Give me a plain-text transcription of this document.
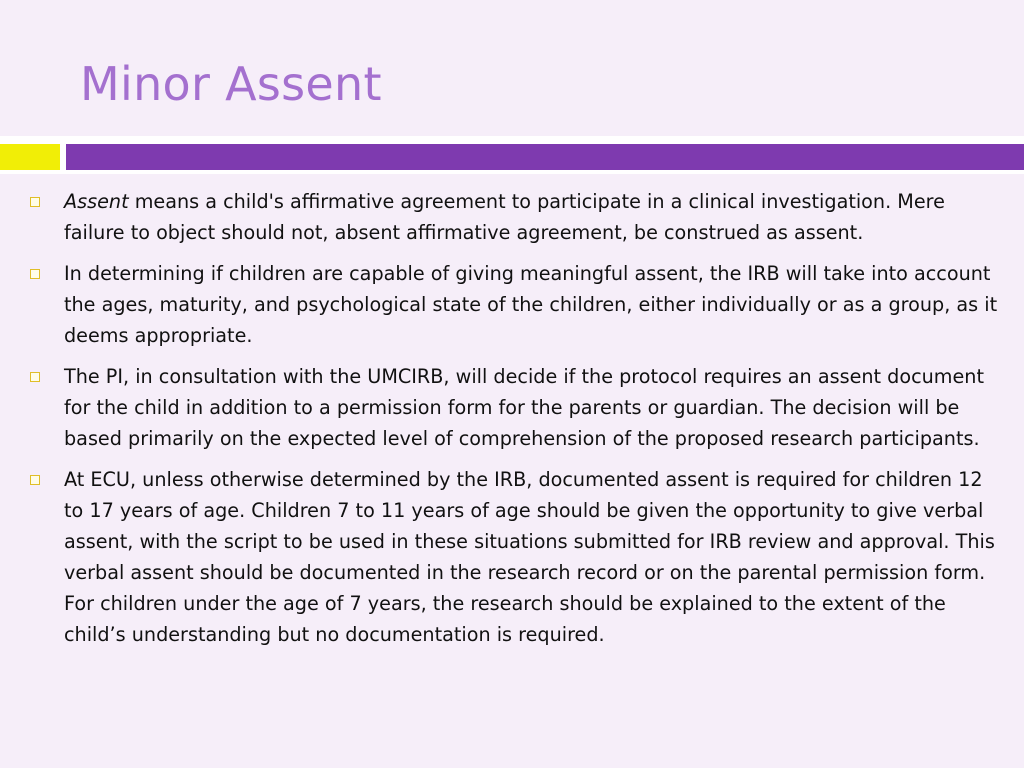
Minor Assent
Assent means a child's affirmative agreement to participate in a clinical investigation. Mere failure to object should not, absent affirmative agreement, be construed as assent.
In determining if children are capable of giving meaningful assent, the IRB will take into account the ages, maturity, and psychological state of the children, either individually or as a group, as it deems appropriate.
The PI, in consultation with the UMCIRB, will decide if the protocol requires an assent document for the child in addition to a permission form for the parents or guardian. The decision will be based primarily on the expected level of comprehension of the proposed research participants.
At ECU, unless otherwise determined by the IRB, documented assent is required for children 12 to 17 years of age. Children 7 to 11 years of age should be given the opportunity to give verbal assent, with the script to be used in these situations submitted for IRB review and approval. This verbal assent should be documented in the research record or on the parental permission form. For children under the age of 7 years, the research should be explained to the extent of the child’s understanding but no documentation is required.
